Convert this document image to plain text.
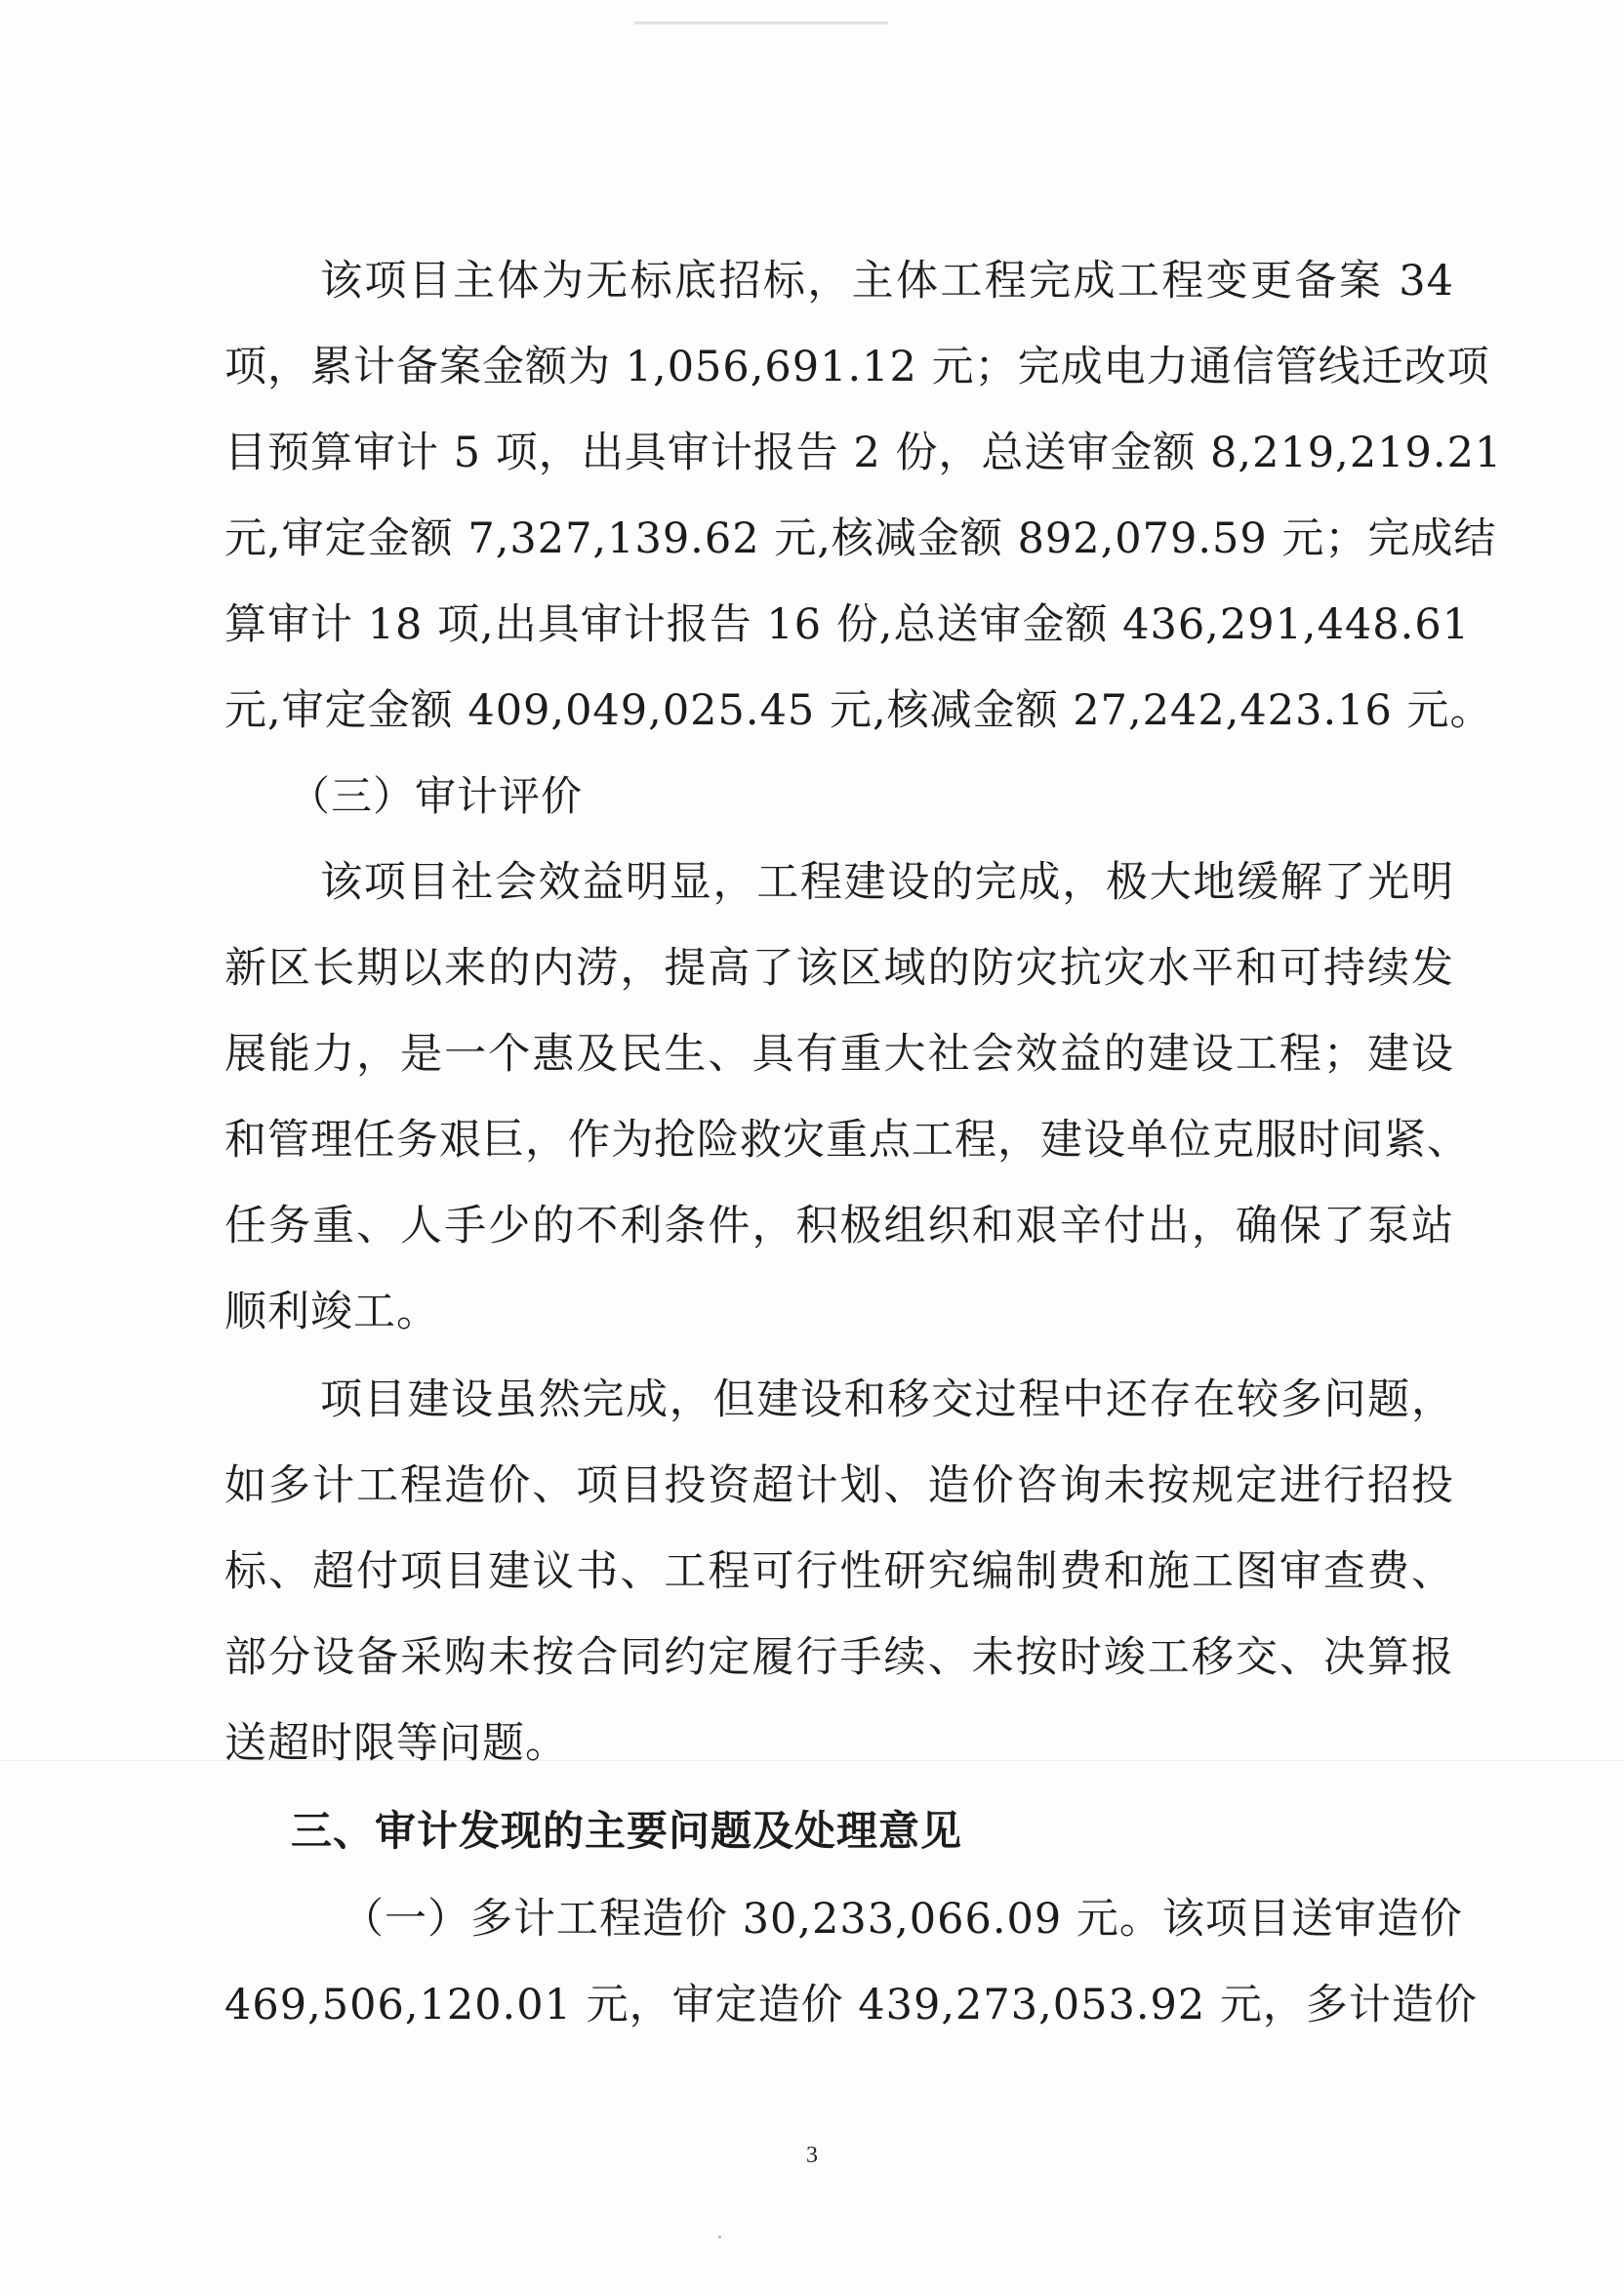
该项目主体为无标底招标，主体工程完成工程变更备案 34
项，累计备案金额为 1,056,691.12 元；完成电力通信管线迁改项
目预算审计 5 项，出具审计报告 2 份，总送审金额 8,219,219.21
元,审定金额 7,327,139.62 元,核减金额 892,079.59 元；完成结
算审计 18 项,出具审计报告 16 份,总送审金额 436,291,448.61
元,审定金额 409,049,025.45 元,核减金额 27,242,423.16 元。
（三）审计评价
该项目社会效益明显，工程建设的完成，极大地缓解了光明
新区长期以来的内涝，提高了该区域的防灾抗灾水平和可持续发
展能力，是一个惠及民生、具有重大社会效益的建设工程；建设
和管理任务艰巨，作为抢险救灾重点工程，建设单位克服时间紧、
任务重、人手少的不利条件，积极组织和艰辛付出，确保了泵站
顺利竣工。
项目建设虽然完成，但建设和移交过程中还存在较多问题，
如多计工程造价、项目投资超计划、造价咨询未按规定进行招投
标、超付项目建议书、工程可行性研究编制费和施工图审查费、
部分设备采购未按合同约定履行手续、未按时竣工移交、决算报
送超时限等问题。
三、审计发现的主要问题及处理意见
（一）多计工程造价 30,233,066.09 元。该项目送审造价
469,506,120.01 元，审定造价 439,273,053.92 元，多计造价
3
